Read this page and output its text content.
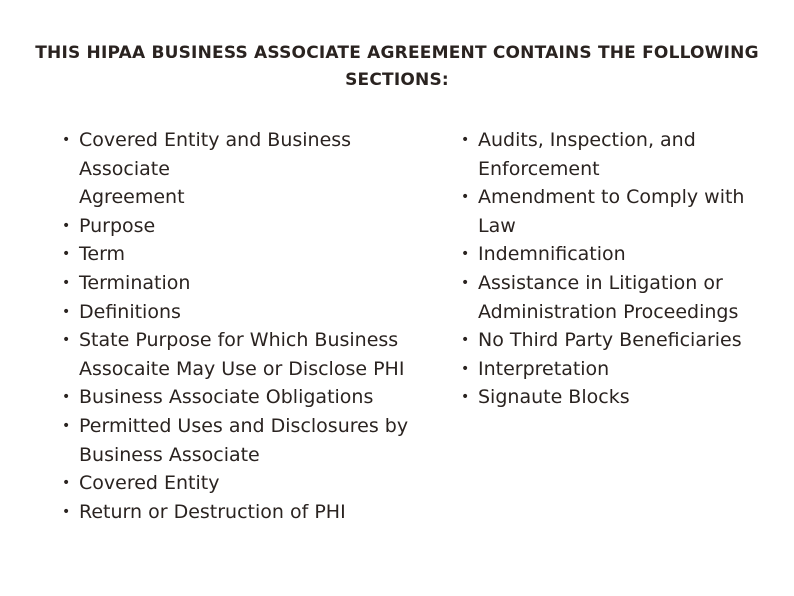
THIS HIPAA BUSINESS ASSOCIATE AGREEMENT CONTAINS THE FOLLOWING
SECTIONS:
• Covered Entity and Business Associate
Agreement
• Purpose
• Term
• Termination
• Definitions
• State Purpose for Which Business
Assocaite May Use or Disclose PHI
• Business Associate Obligations
• Permitted Uses and Disclosures by
Business Associate
• Covered Entity
• Return or Destruction of PHI
• Audits, Inspection, and
Enforcement
• Amendment to Comply with
Law
• Indemnification
• Assistance in Litigation or
Administration Proceedings
• No Third Party Beneficiaries
• Interpretation
• Signaute Blocks
